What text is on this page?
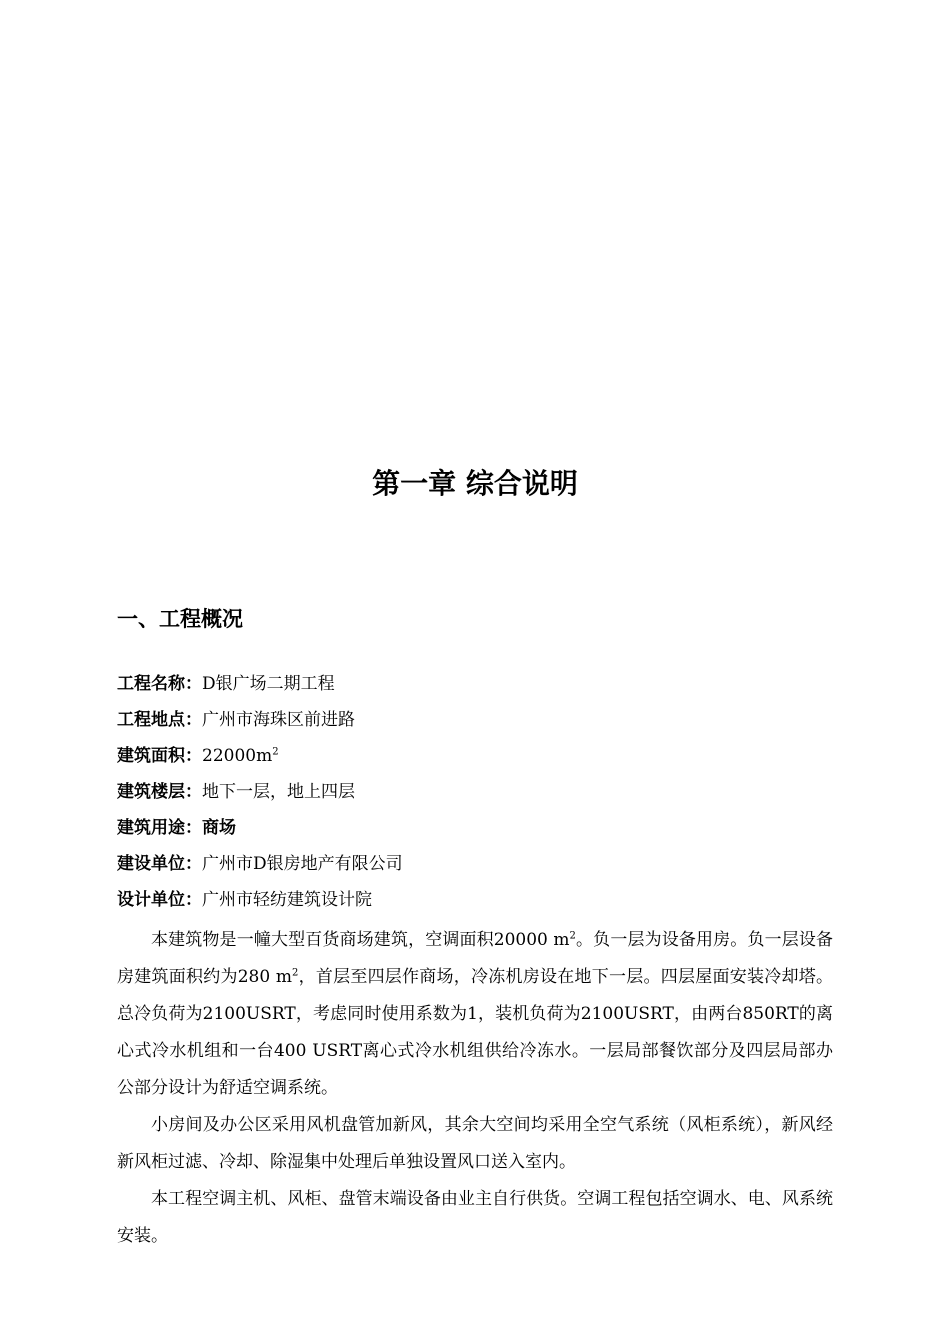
第一章 综合说明
一、工程概况
工程名称：D银广场二期工程
工程地点：广州市海珠区前进路
建筑面积：$22000m^2$
建筑楼层：地下一层，地上四层
建筑用途：商场
建设单位：广州市D银房地产有限公司
设计单位：广州市轻纺建筑设计院

本建筑物是一幢大型百货商场建筑，空调面积20000 $m^2$。负一层为设备用房。负一层设备房建筑面积约为280 $m^2$，首层至四层作商场，冷冻机房设在地下一层。四层屋面安装冷却塔。总冷负荷为2100USRT，考虑同时使用系数为1，装机负荷为2100USRT，由两台850RT的离心式冷水机组和一台400 USRT离心式冷水机组供给冷冻水。一层局部餐饮部分及四层局部办公部分设计为舒适空调系统。

小房间及办公区采用风机盘管加新风，其余大空间均采用全空气系统（风柜系统），新风经新风柜过滤、冷却、除湿集中处理后单独设置风口送入室内。

本工程空调主机、风柜、盘管末端设备由业主自行供货。空调工程包括空调水、电、风系统安装。
